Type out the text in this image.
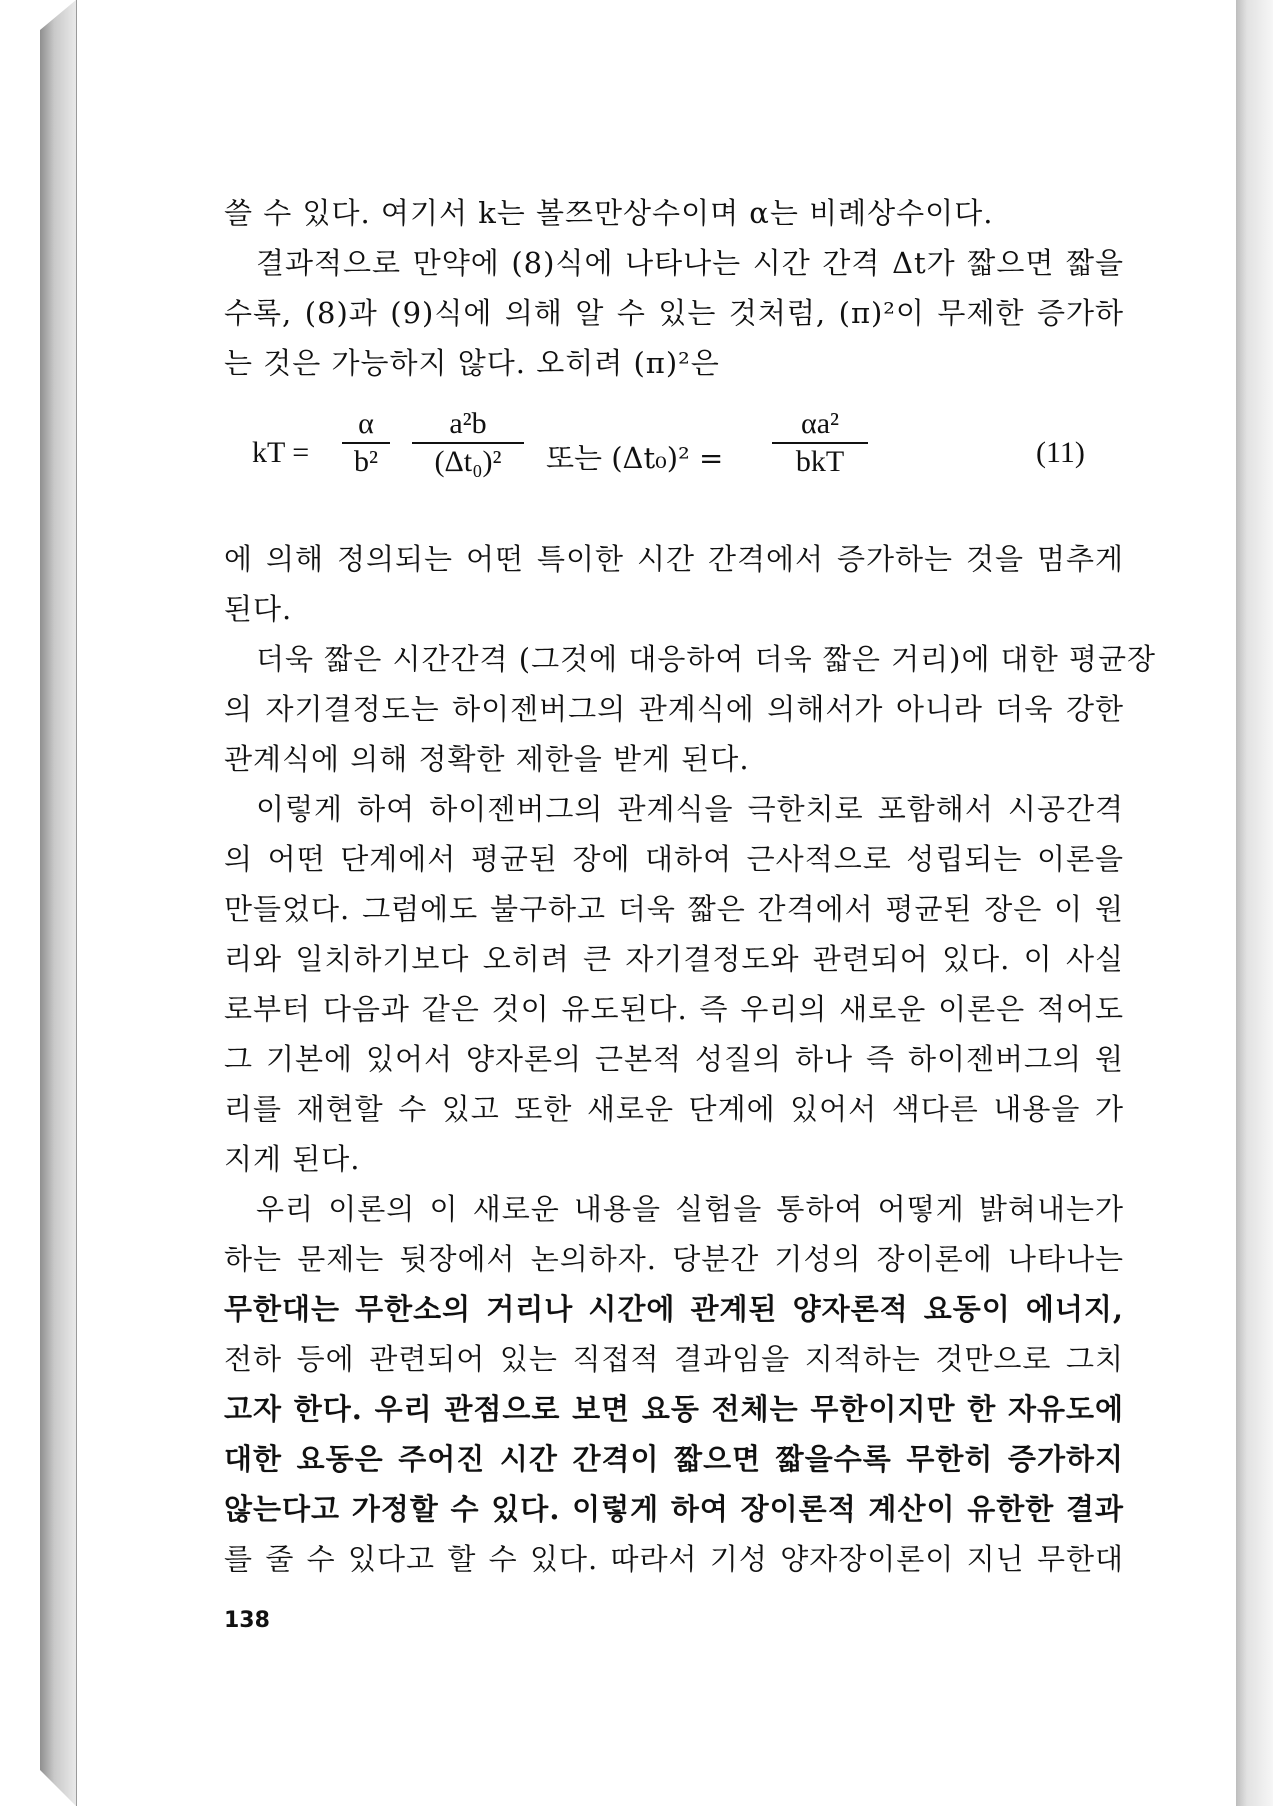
쓸 수 있다. 여기서 k는 볼쯔만상수이며 α는 비례상수이다.
결과적으로 만약에 (8)식에 나타나는 시간 간격 Δt가 짧으면 짧을
수록, (8)과 (9)식에 의해 알 수 있는 것처럼, (π)²이 무제한 증가하
는 것은 가능하지 않다. 오히려 (π)²은
kT = $\frac{\alpha}{\text{b²}} \frac{\text{a²b}}{\text{(Δt₀)²}}$ 또는 (Δt₀)² =
αa²
bkT	(11)
에 의해 정의되는 어떤 특이한 시간 간격에서 증가하는 것을 멈추게
된다.
더욱 짧은 시간간격 (그것에 대응하여 더욱 짧은 거리)에 대한 평균장
의 자기결정도는 하이젠버그의 관계식에 의해서가 아니라 더욱 강한
관계식에 의해 정확한 제한을 받게 된다.
이렇게 하여 하이젠버그의 관계식을 극한치로 포함해서 시공간격
의 어떤 단계에서 평균된 장에 대하여 근사적으로 성립되는 이론을
만들었다. 그럼에도 불구하고 더욱 짧은 간격에서 평균된 장은 이 원
리와 일치하기보다 오히려 큰 자기결정도와 관련되어 있다. 이 사실
로부터 다음과 같은 것이 유도된다. 즉 우리의 새로운 이론은 적어도
그 기본에 있어서 양자론의 근본적 성질의 하나 즉 하이젠버그의 원
리를 재현할 수 있고 또한 새로운 단계에 있어서 색다른 내용을 가
지게 된다.
우리 이론의 이 새로운 내용을 실험을 통하여 어떻게 밝혀내는가
하는 문제는 뒷장에서 논의하자. 당분간 기성의 장이론에 나타나는
무한대는 무한소의 거리나 시간에 관계된 양자론적 요동이 에너지,
전하 등에 관련되어 있는 직접적 결과임을 지적하는 것만으로 그치
고자 한다. 우리 관점으로 보면 요동 전체는 무한이지만 한 자유도에
대한 요동은 주어진 시간 간격이 짧으면 짧을수록 무한히 증가하지
않는다고 가정할 수 있다. 이렇게 하여 장이론적 계산이 유한한 결과
를 줄 수 있다고 할 수 있다. 따라서 기성 양자장이론이 지닌 무한대
138
